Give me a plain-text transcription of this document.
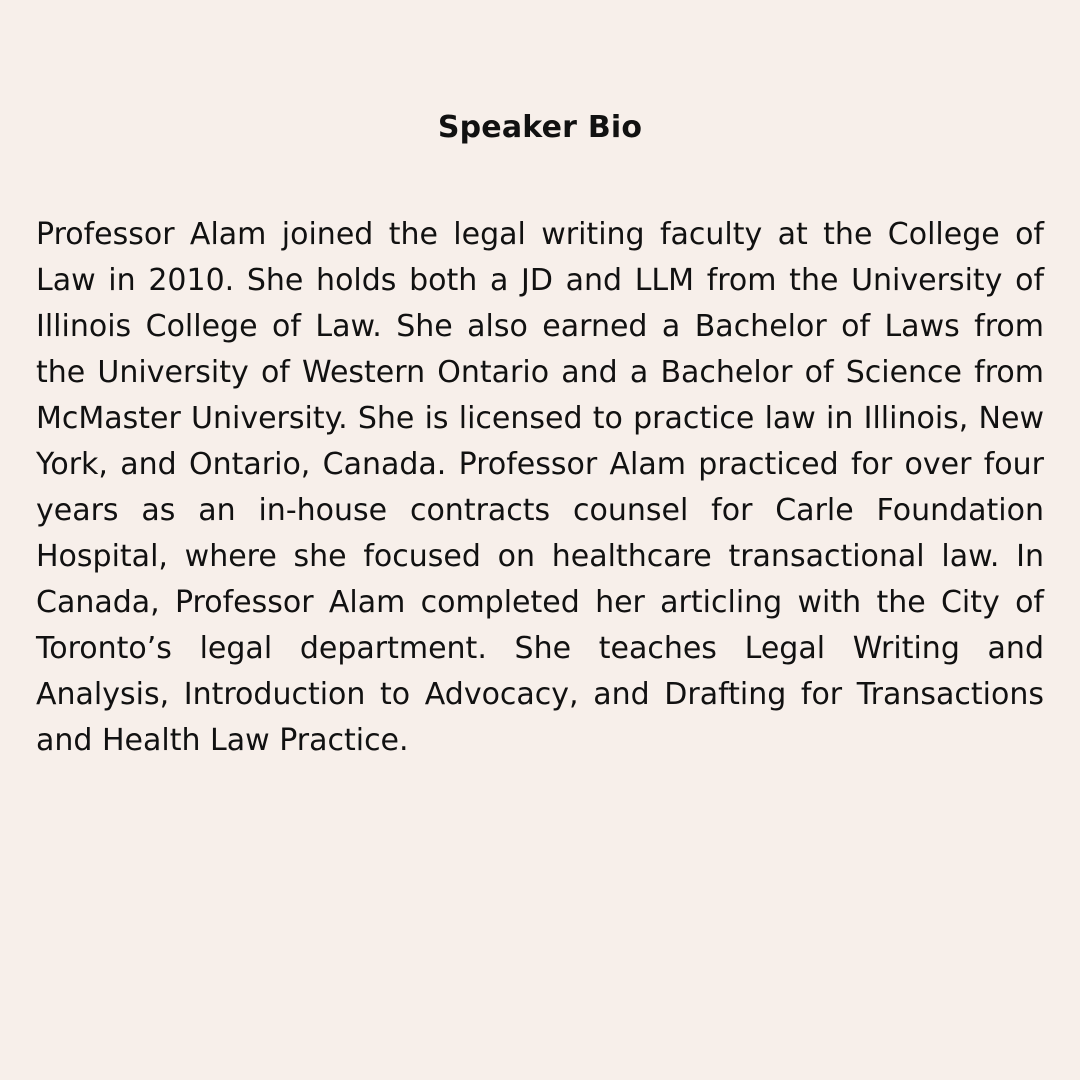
Speaker Bio

Professor Alam joined the legal writing faculty at the College of Law in 2010. She holds both a JD and LLM from the University of Illinois College of Law. She also earned a Bachelor of Laws from the University of Western Ontario and a Bachelor of Science from McMaster University. She is licensed to practice law in Illinois, New York, and Ontario, Canada. Professor Alam practiced for over four years as an in-house contracts counsel for Carle Foundation Hospital, where she focused on healthcare transactional law. In Canada, Professor Alam completed her articling with the City of Toronto’s legal department. She teaches Legal Writing and Analysis, Introduction to Advocacy, and Drafting for Transactions and Health Law Practice.
